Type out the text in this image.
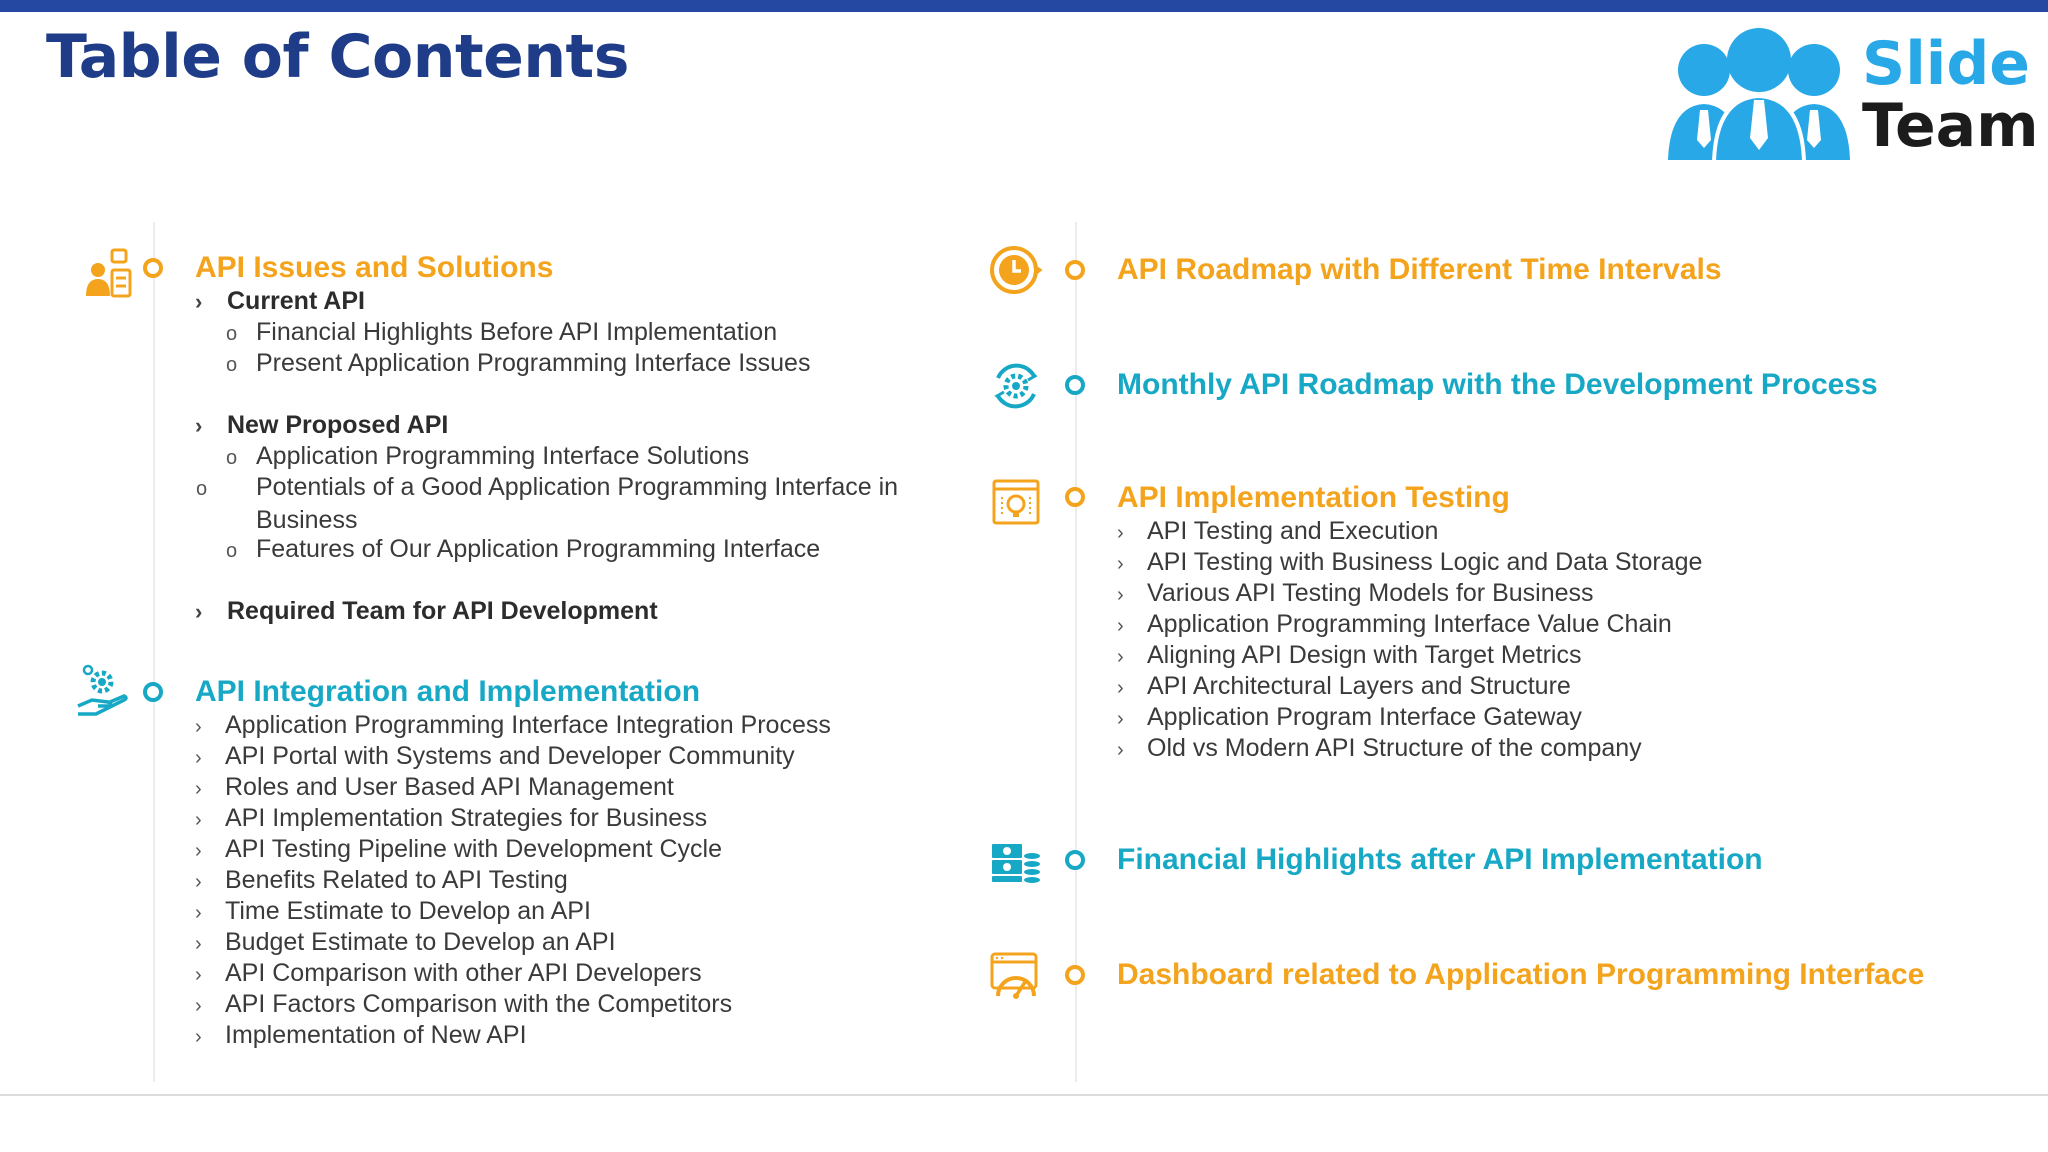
Table of Contents	Slide
Team
API Issues and Solutions
› Current API
o Financial Highlights Before API Implementation
o Present Application Programming Interface Issues
› New Proposed API
o Application Programming Interface Solutions
o Potentials of a Good Application Programming Interface in Business
o Features of Our Application Programming Interface
› Required Team for API Development
API Integration and Implementation
› Application Programming Interface Integration Process
› API Portal with Systems and Developer Community
› Roles and User Based API Management
› API Implementation Strategies for Business
› API Testing Pipeline with Development Cycle
› Benefits Related to API Testing
› Time Estimate to Develop an API
› Budget Estimate to Develop an API
› API Comparison with other API Developers
› API Factors Comparison with the Competitors
› Implementation of New API
API Roadmap with Different Time Intervals
Monthly API Roadmap with the Development Process
API Implementation Testing
› API Testing and Execution
› API Testing with Business Logic and Data Storage
› Various API Testing Models for Business
› Application Programming Interface Value Chain
› Aligning API Design with Target Metrics
› API Architectural Layers and Structure
› Application Program Interface Gateway
› Old vs Modern API Structure of the company
Financial Highlights after API Implementation
Dashboard related to Application Programming Interface
